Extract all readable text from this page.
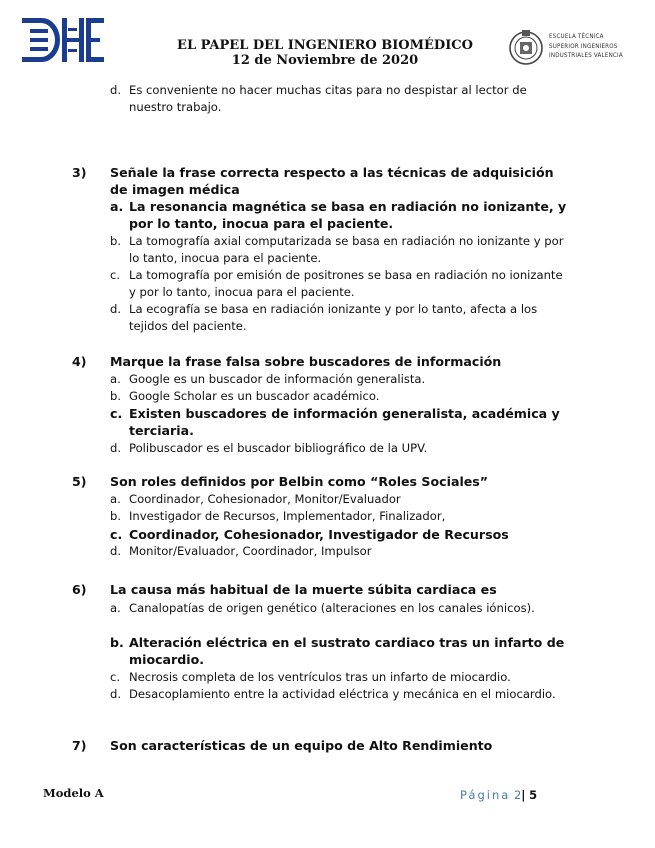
EL PAPEL DEL INGENIERO BIOMÉDICO
12 de Noviembre de 2020
ESCUELA TÉCNICA
SUPERIOR INGENIEROS
INDUSTRIALES VALENCIA
d. Es conveniente no hacer muchas citas para no despistar al lector de nuestro trabajo.
3) Señale la frase correcta respecto a las técnicas de adquisición de imagen médica
a. La resonancia magnética se basa en radiación no ionizante, y por lo tanto, inocua para el paciente.
b. La tomografía axial computarizada se basa en radiación no ionizante y por lo tanto, inocua para el paciente.
c. La tomografía por emisión de positrones se basa en radiación no ionizante y por lo tanto, inocua para el paciente.
d. La ecografía se basa en radiación ionizante y por lo tanto, afecta a los tejidos del paciente.
4) Marque la frase falsa sobre buscadores de información
a. Google es un buscador de información generalista.
b. Google Scholar es un buscador académico.
c. Existen buscadores de información generalista, académica y terciaria.
d. Polibuscador es el buscador bibliográfico de la UPV.
5) Son roles definidos por Belbin como “Roles Sociales”
a. Coordinador, Cohesionador, Monitor/Evaluador
b. Investigador de Recursos, Implementador, Finalizador,
c. Coordinador, Cohesionador, Investigador de Recursos
d. Monitor/Evaluador, Coordinador, Impulsor
6) La causa más habitual de la muerte súbita cardiaca es
a. Canalopatías de origen genético (alteraciones en los canales iónicos).
b. Alteración eléctrica en el sustrato cardiaco tras un infarto de miocardio.
c. Necrosis completa de los ventrículos tras un infarto de miocardio.
d. Desacoplamiento entre la actividad eléctrica y mecánica en el miocardio.
7) Son características de un equipo de Alto Rendimiento
Modelo A	Página 2| 5
